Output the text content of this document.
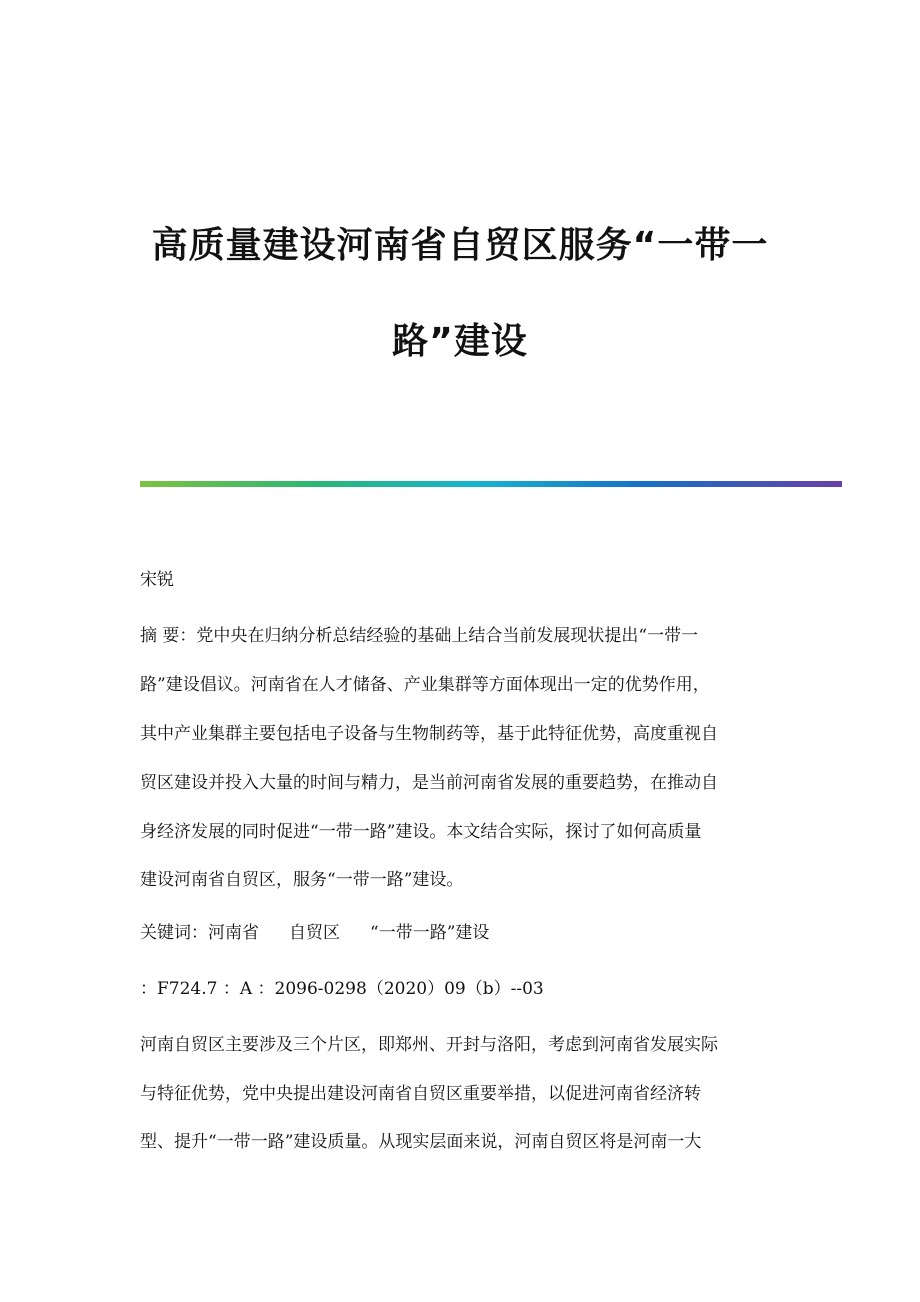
高质量建设河南省自贸区服务“一带一
路”建设
宋锐
摘 要：党中央在归纳分析总结经验的基础上结合当前发展现状提出“一带一
路”建设倡议。河南省在人才储备、产业集群等方面体现出一定的优势作用，
其中产业集群主要包括电子设备与生物制药等，基于此特征优势，高度重视自
贸区建设并投入大量的时间与精力，是当前河南省发展的重要趋势，在推动自
身经济发展的同时促进“一带一路”建设。本文结合实际，探讨了如何高质量
建设河南省自贸区，服务“一带一路”建设。
关键词：河南省 自贸区 “一带一路”建设
：F724.7 ：A ：2096-0298（2020）09（b）--03
河南自贸区主要涉及三个片区，即郑州、开封与洛阳，考虑到河南省发展实际
与特征优势，党中央提出建设河南省自贸区重要举措，以促进河南省经济转
型、提升“一带一路”建设质量。从现实层面来说，河南自贸区将是河南一大
